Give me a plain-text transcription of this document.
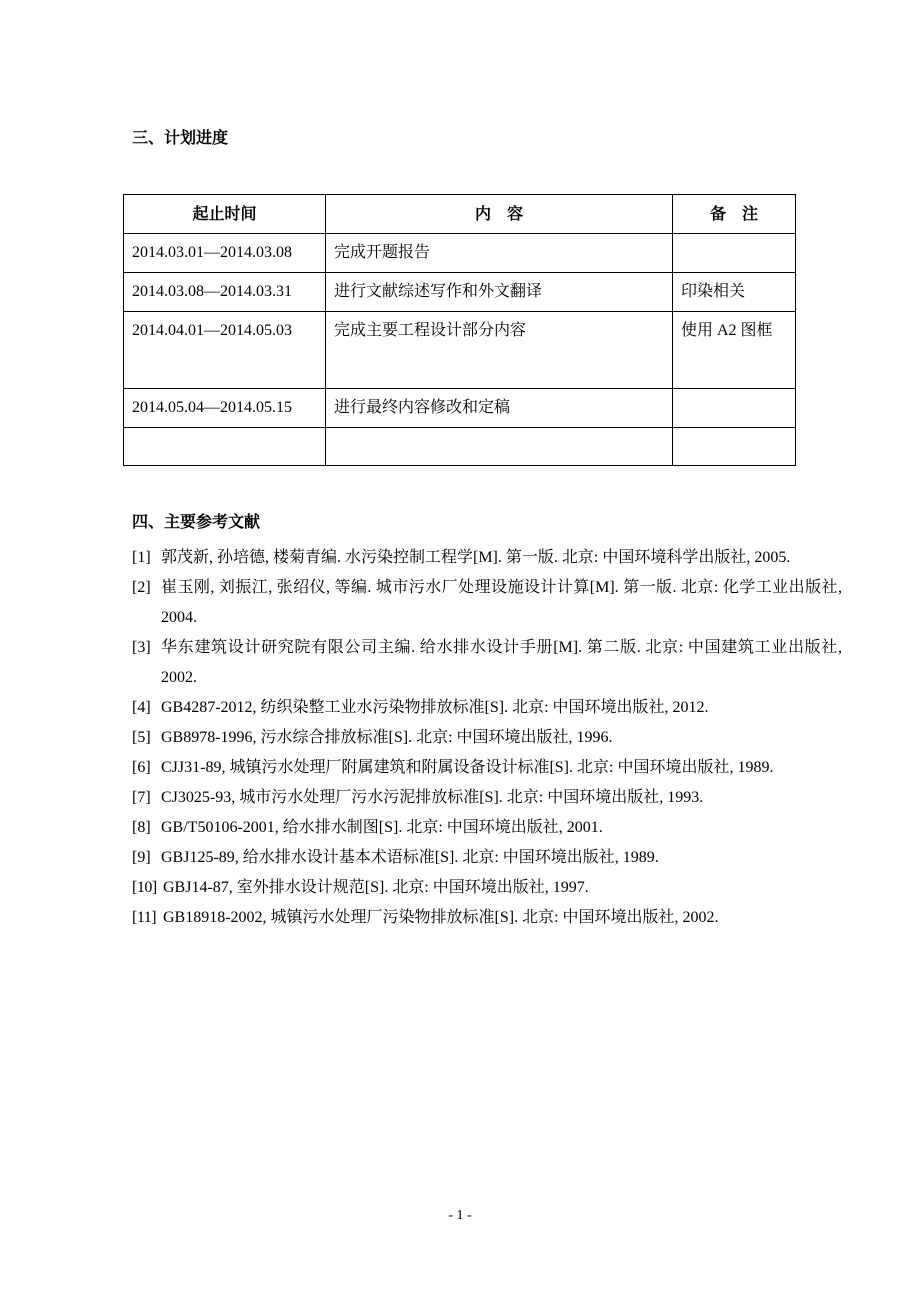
三、计划进度
起止时间	内　容	备　注
2014.03.01—2014.03.08	完成开题报告	
2014.03.08—2014.03.31	进行文献综述写作和外文翻译	印染相关
2014.04.01—2014.05.03	完成主要工程设计部分内容	使用 A2 图框
2014.05.04—2014.05.15	进行最终内容修改和定稿	

四、主要参考文献
[1] 郭茂新, 孙培德, 楼菊青编. 水污染控制工程学[M]. 第一版. 北京: 中国环境科学出版社, 2005.
[2] 崔玉刚, 刘振江, 张绍仪, 等编. 城市污水厂处理设施设计计算[M]. 第一版. 北京: 化学工业出版社, 2004.
[3] 华东建筑设计研究院有限公司主编. 给水排水设计手册[M]. 第二版. 北京: 中国建筑工业出版社, 2002.
[4] GB4287-2012, 纺织染整工业水污染物排放标准[S]. 北京: 中国环境出版社, 2012.
[5] GB8978-1996, 污水综合排放标准[S]. 北京: 中国环境出版社, 1996.
[6] CJJ31-89, 城镇污水处理厂附属建筑和附属设备设计标准[S]. 北京: 中国环境出版社, 1989.
[7] CJ3025-93, 城市污水处理厂污水污泥排放标准[S]. 北京: 中国环境出版社, 1993.
[8] GB/T50106-2001, 给水排水制图[S]. 北京: 中国环境出版社, 2001.
[9] GBJ125-89, 给水排水设计基本术语标准[S]. 北京: 中国环境出版社, 1989.
[10] GBJ14-87, 室外排水设计规范[S]. 北京: 中国环境出版社, 1997.
[11] GB18918-2002, 城镇污水处理厂污染物排放标准[S]. 北京: 中国环境出版社, 2002.
- 1 -
